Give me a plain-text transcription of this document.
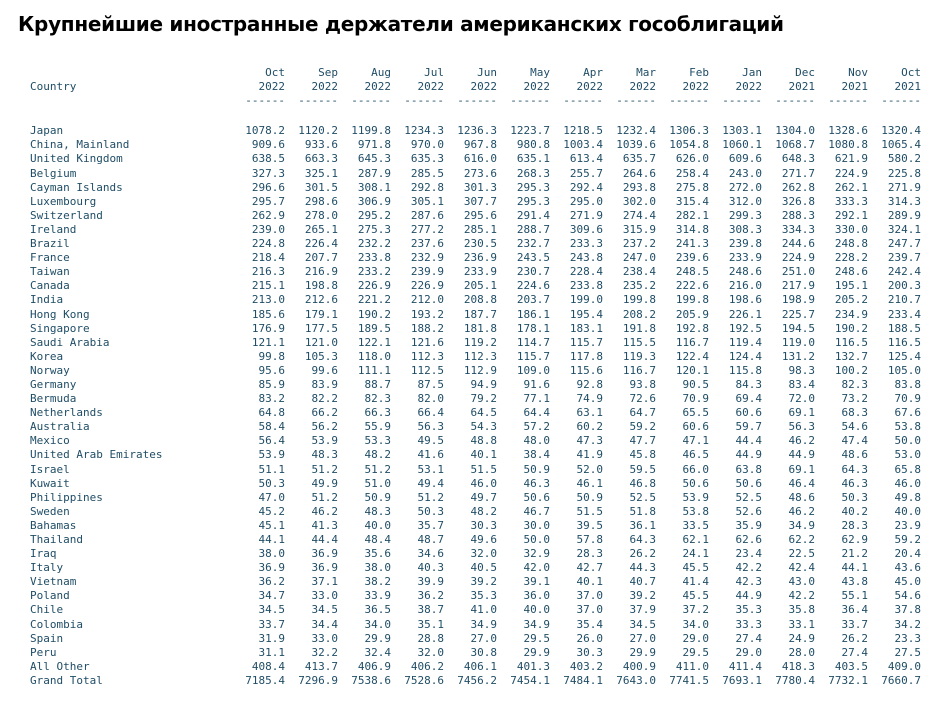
Крупнейшие иностранные держатели американских гособлигаций
	Oct	Sep	Aug	Jul	Jun	May	Apr	Mar	Feb	Jan	Dec	Nov	Oct
Country	2022	2022	2022	2022	2022	2022	2022	2022	2022	2022	2021	2021	2021
	------	------	------	------	------	------	------	------	------	------	------	------	------

Japan	1078.2	1120.2	1199.8	1234.3	1236.3	1223.7	1218.5	1232.4	1306.3	1303.1	1304.0	1328.6	1320.4
China, Mainland	909.6	933.6	971.8	970.0	967.8	980.8	1003.4	1039.6	1054.8	1060.1	1068.7	1080.8	1065.4
United Kingdom	638.5	663.3	645.3	635.3	616.0	635.1	613.4	635.7	626.0	609.6	648.3	621.9	580.2
Belgium	327.3	325.1	287.9	285.5	273.6	268.3	255.7	264.6	258.4	243.0	271.7	224.9	225.8
Cayman Islands	296.6	301.5	308.1	292.8	301.3	295.3	292.4	293.8	275.8	272.0	262.8	262.1	271.9
Luxembourg	295.7	298.6	306.9	305.1	307.7	295.3	295.0	302.0	315.4	312.0	326.8	333.3	314.3
Switzerland	262.9	278.0	295.2	287.6	295.6	291.4	271.9	274.4	282.1	299.3	288.3	292.1	289.9
Ireland	239.0	265.1	275.3	277.2	285.1	288.7	309.6	315.9	314.8	308.3	334.3	330.0	324.1
Brazil	224.8	226.4	232.2	237.6	230.5	232.7	233.3	237.2	241.3	239.8	244.6	248.8	247.7
France	218.4	207.7	233.8	232.9	236.9	243.5	243.8	247.0	239.6	233.9	224.9	228.2	239.7
Taiwan	216.3	216.9	233.2	239.9	233.9	230.7	228.4	238.4	248.5	248.6	251.0	248.6	242.4
Canada	215.1	198.8	226.9	226.9	205.1	224.6	233.8	235.2	222.6	216.0	217.9	195.1	200.3
India	213.0	212.6	221.2	212.0	208.8	203.7	199.0	199.8	199.8	198.6	198.9	205.2	210.7
Hong Kong	185.6	179.1	190.2	193.2	187.7	186.1	195.4	208.2	205.9	226.1	225.7	234.9	233.4
Singapore	176.9	177.5	189.5	188.2	181.8	178.1	183.1	191.8	192.8	192.5	194.5	190.2	188.5
Saudi Arabia	121.1	121.0	122.1	121.6	119.2	114.7	115.7	115.5	116.7	119.4	119.0	116.5	116.5
Korea	99.8	105.3	118.0	112.3	112.3	115.7	117.8	119.3	122.4	124.4	131.2	132.7	125.4
Norway	95.6	99.6	111.1	112.5	112.9	109.0	115.6	116.7	120.1	115.8	98.3	100.2	105.0
Germany	85.9	83.9	88.7	87.5	94.9	91.6	92.8	93.8	90.5	84.3	83.4	82.3	83.8
Bermuda	83.2	82.2	82.3	82.0	79.2	77.1	74.9	72.6	70.9	69.4	72.0	73.2	70.9
Netherlands	64.8	66.2	66.3	66.4	64.5	64.4	63.1	64.7	65.5	60.6	69.1	68.3	67.6
Australia	58.4	56.2	55.9	56.3	54.3	57.2	60.2	59.2	60.6	59.7	56.3	54.6	53.8
Mexico	56.4	53.9	53.3	49.5	48.8	48.0	47.3	47.7	47.1	44.4	46.2	47.4	50.0
United Arab Emirates	53.9	48.3	48.2	41.6	40.1	38.4	41.9	45.8	46.5	44.9	44.9	48.6	53.0
Israel	51.1	51.2	51.2	53.1	51.5	50.9	52.0	59.5	66.0	63.8	69.1	64.3	65.8
Kuwait	50.3	49.9	51.0	49.4	46.0	46.3	46.1	46.8	50.6	50.6	46.4	46.3	46.0
Philippines	47.0	51.2	50.9	51.2	49.7	50.6	50.9	52.5	53.9	52.5	48.6	50.3	49.8
Sweden	45.2	46.2	48.3	50.3	48.2	46.7	51.5	51.8	53.8	52.6	46.2	40.2	40.0
Bahamas	45.1	41.3	40.0	35.7	30.3	30.0	39.5	36.1	33.5	35.9	34.9	28.3	23.9
Thailand	44.1	44.4	48.4	48.7	49.6	50.0	57.8	64.3	62.1	62.6	62.2	62.9	59.2
Iraq	38.0	36.9	35.6	34.6	32.0	32.9	28.3	26.2	24.1	23.4	22.5	21.2	20.4
Italy	36.9	36.9	38.0	40.3	40.5	42.0	42.7	44.3	45.5	42.2	42.4	44.1	43.6
Vietnam	36.2	37.1	38.2	39.9	39.2	39.1	40.1	40.7	41.4	42.3	43.0	43.8	45.0
Poland	34.7	33.0	33.9	36.2	35.3	36.0	37.0	39.2	45.5	44.9	42.2	55.1	54.6
Chile	34.5	34.5	36.5	38.7	41.0	40.0	37.0	37.9	37.2	35.3	35.8	36.4	37.8
Colombia	33.7	34.4	34.0	35.1	34.9	34.9	35.4	34.5	34.0	33.3	33.1	33.7	34.2
Spain	31.9	33.0	29.9	28.8	27.0	29.5	26.0	27.0	29.0	27.4	24.9	26.2	23.3
Peru	31.1	32.2	32.4	32.0	30.8	29.9	30.3	29.9	29.5	29.0	28.0	27.4	27.5
All Other	408.4	413.7	406.9	406.2	406.1	401.3	403.2	400.9	411.0	411.4	418.3	403.5	409.0
Grand Total	7185.4	7296.9	7538.6	7528.6	7456.2	7454.1	7484.1	7643.0	7741.5	7693.1	7780.4	7732.1	7660.7
